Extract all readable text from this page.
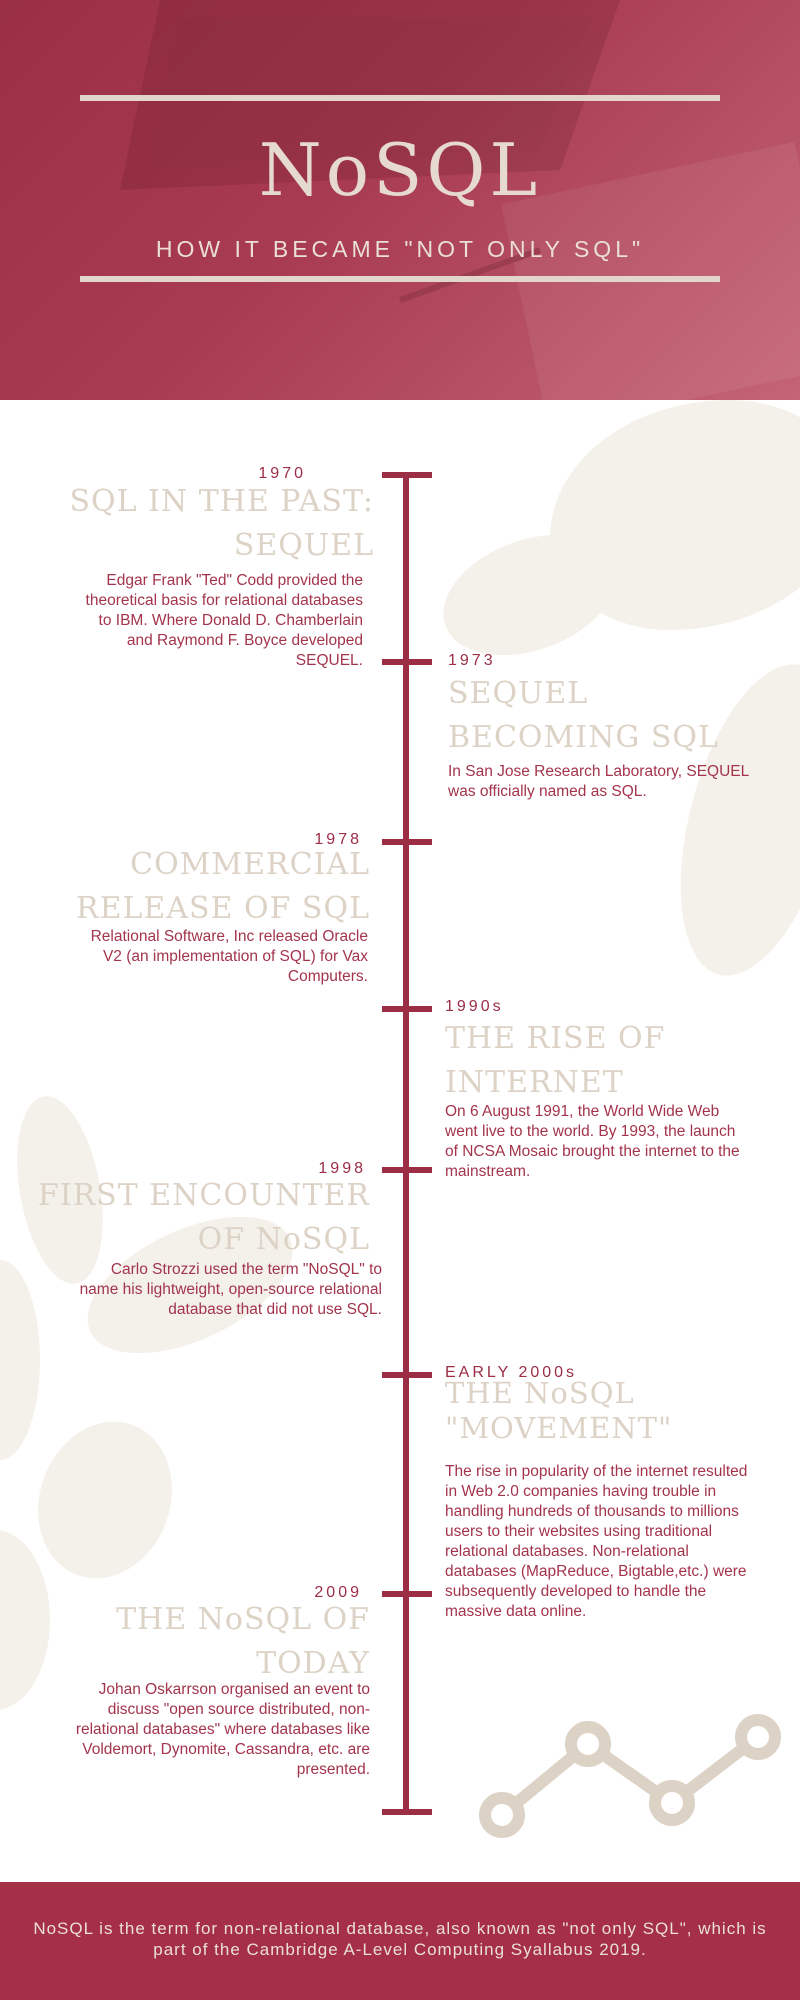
NoSQL
HOW IT BECAME "NOT ONLY SQL"
1970
SQL IN THE PAST: SEQUEL
Edgar Frank "Ted" Codd provided the theoretical basis for relational databases to IBM. Where Donald D. Chamberlain and Raymond F. Boyce developed SEQUEL.	1973
SEQUEL BECOMING SQL
In San Jose Research Laboratory, SEQUEL was officially named as SQL.
1978
COMMERCIAL RELEASE OF SQL
Relational Software, Inc released Oracle V2 (an implementation of SQL) for Vax Computers.
1990s
THE RISE OF INTERNET
On 6 August 1991, the World Wide Web went live to the world. By 1993, the launch of NCSA Mosaic brought the internet to the mainstream.
1998
FIRST ENCOUNTER OF NoSQL
Carlo Strozzi used the term "NoSQL" to name his lightweight, open-source relational database that did not use SQL.
EARLY 2000s
THE NoSQL "MOVEMENT"
The rise in popularity of the internet resulted in Web 2.0 companies having trouble in handling hundreds of thousands to millions users to their websites using traditional relational databases. Non-relational databases (MapReduce, Bigtable,etc.) were subsequently developed to handle the massive data online.
2009
THE NoSQL OF TODAY
Johan Oskarrson organised an event to discuss "open source distributed, non-relational databases" where databases like Voldemort, Dynomite, Cassandra, etc. are presented.
NoSQL is the term for non-relational database, also known as "not only SQL", which is part of the Cambridge A-Level Computing Syallabus 2019.
